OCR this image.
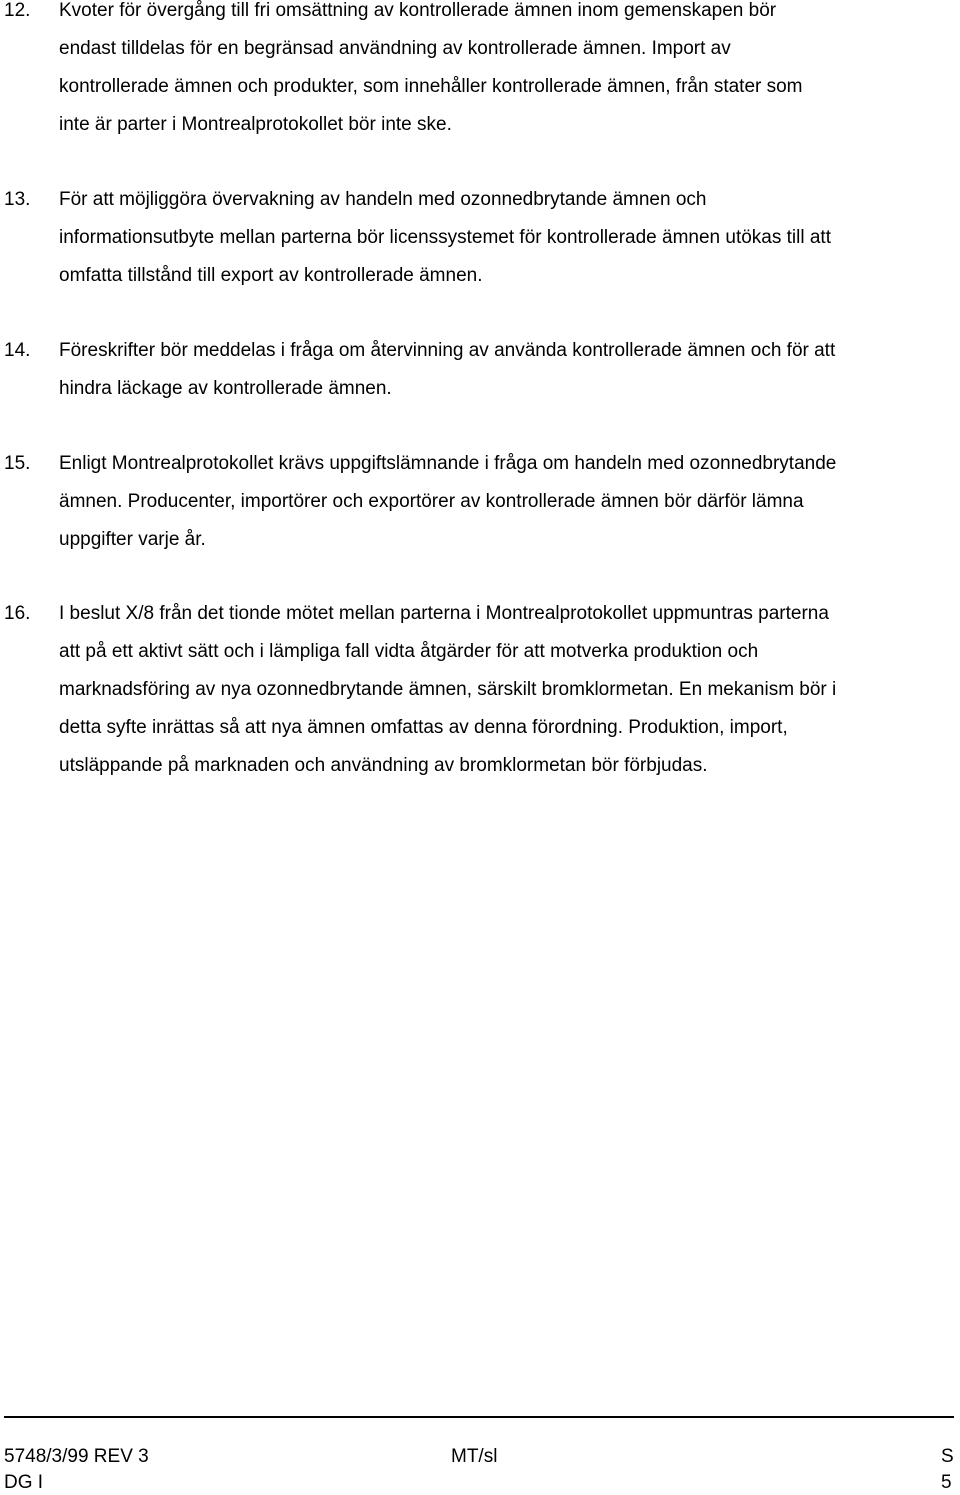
12. Kvoter för övergång till fri omsättning av kontrollerade ämnen inom gemenskapen bör
endast tilldelas för en begränsad användning av kontrollerade ämnen. Import av
kontrollerade ämnen och produkter, som innehåller kontrollerade ämnen, från stater som
inte är parter i Montrealprotokollet bör inte ske.
13. För att möjliggöra övervakning av handeln med ozonnedbrytande ämnen och
informationsutbyte mellan parterna bör licenssystemet för kontrollerade ämnen utökas till att
omfatta tillstånd till export av kontrollerade ämnen.
14. Föreskrifter bör meddelas i fråga om återvinning av använda kontrollerade ämnen och för att
hindra läckage av kontrollerade ämnen.
15. Enligt Montrealprotokollet krävs uppgiftslämnande i fråga om handeln med ozonnedbrytande
ämnen. Producenter, importörer och exportörer av kontrollerade ämnen bör därför lämna
uppgifter varje år.
16. I beslut X/8 från det tionde mötet mellan parterna i Montrealprotokollet uppmuntras parterna
att på ett aktivt sätt och i lämpliga fall vidta åtgärder för att motverka produktion och
marknadsföring av nya ozonnedbrytande ämnen, särskilt bromklormetan. En mekanism bör i
detta syfte inrättas så att nya ämnen omfattas av denna förordning. Produktion, import,
utsläppande på marknaden och användning av bromklormetan bör förbjudas.
5748/3/99 REV 3
DG I
MT/sl	S
5
